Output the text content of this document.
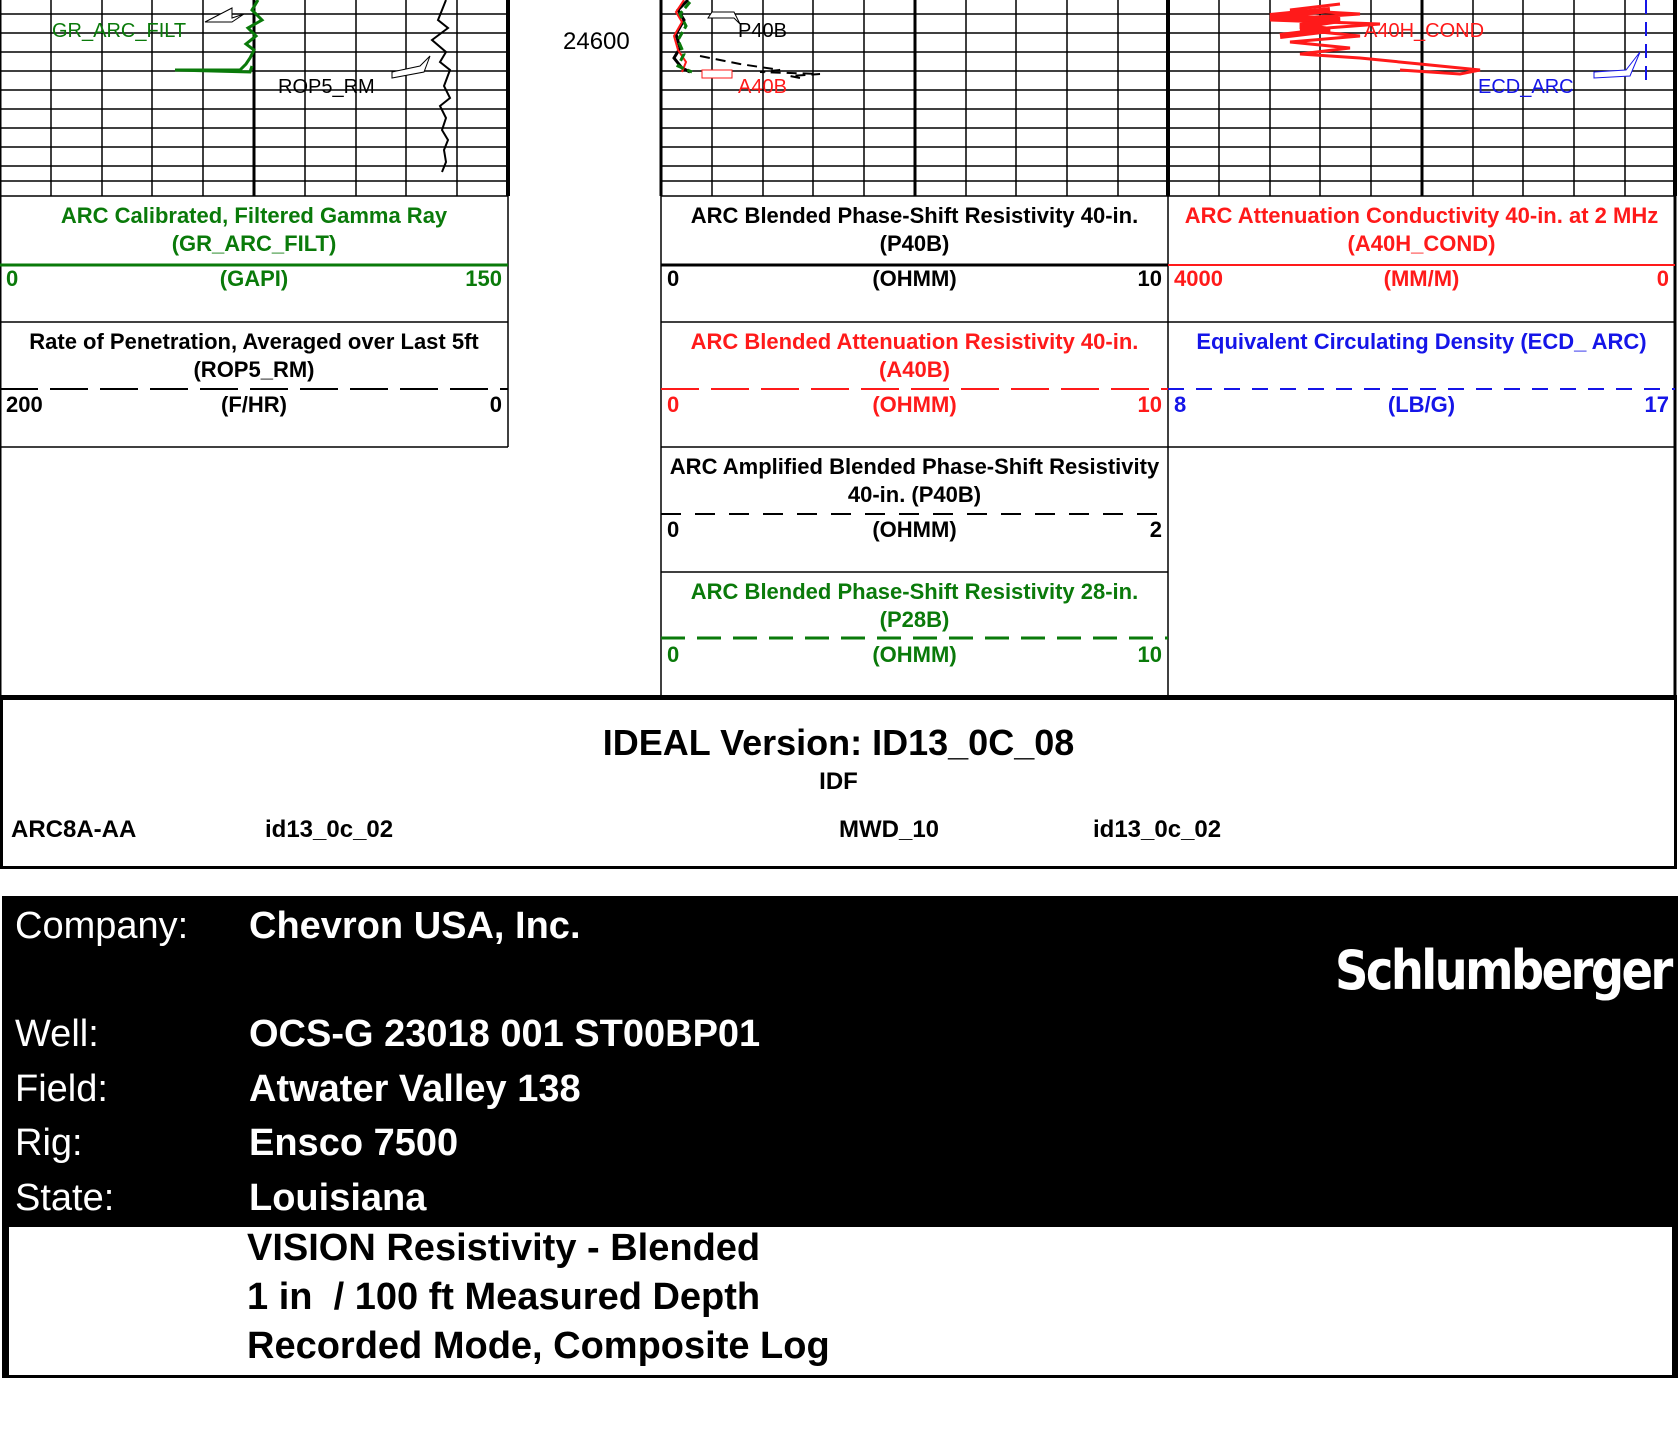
GR_ARC_FILT
ROP5_RM
P40B
A40B
A40H_COND
ECD_ARC
24600
ARC Calibrated, Filtered Gamma Ray (GR_ARC_FILT)
(GAPI)
0	150
Rate of Penetration, Averaged over Last 5ft (ROP5_RM)
(F/HR)
200	0
ARC Blended Phase-Shift Resistivity 40-in. (P40B)
(OHMM)
0	10
ARC Blended Attenuation Resistivity 40-in. (A40B)
(OHMM)
0	10
ARC Amplified Blended Phase-Shift Resistivity 40-in. (P40B)
(OHMM)
0	2
ARC Blended Phase-Shift Resistivity 28-in. (P28B)
(OHMM)
0	10
ARC Attenuation Conductivity 40-in. at 2 MHz (A40H_COND)
(MM/M)
4000	0
Equivalent Circulating Density (ECD_ ARC)
(LB/G)
8	17
IDEAL Version: ID13_0C_08
IDF
ARC8A-AA	id13_0c_02	MWD_10	id13_0c_02
Company: Chevron USA, Inc.
Schlumberger
Well:	OCS-G 23018 001 ST00BP01
Field:	Atwater Valley 138
Rig:	Ensco 7500
State:	Louisiana
VISION Resistivity - Blended
1 in  / 100 ft Measured Depth
Recorded Mode, Composite Log
